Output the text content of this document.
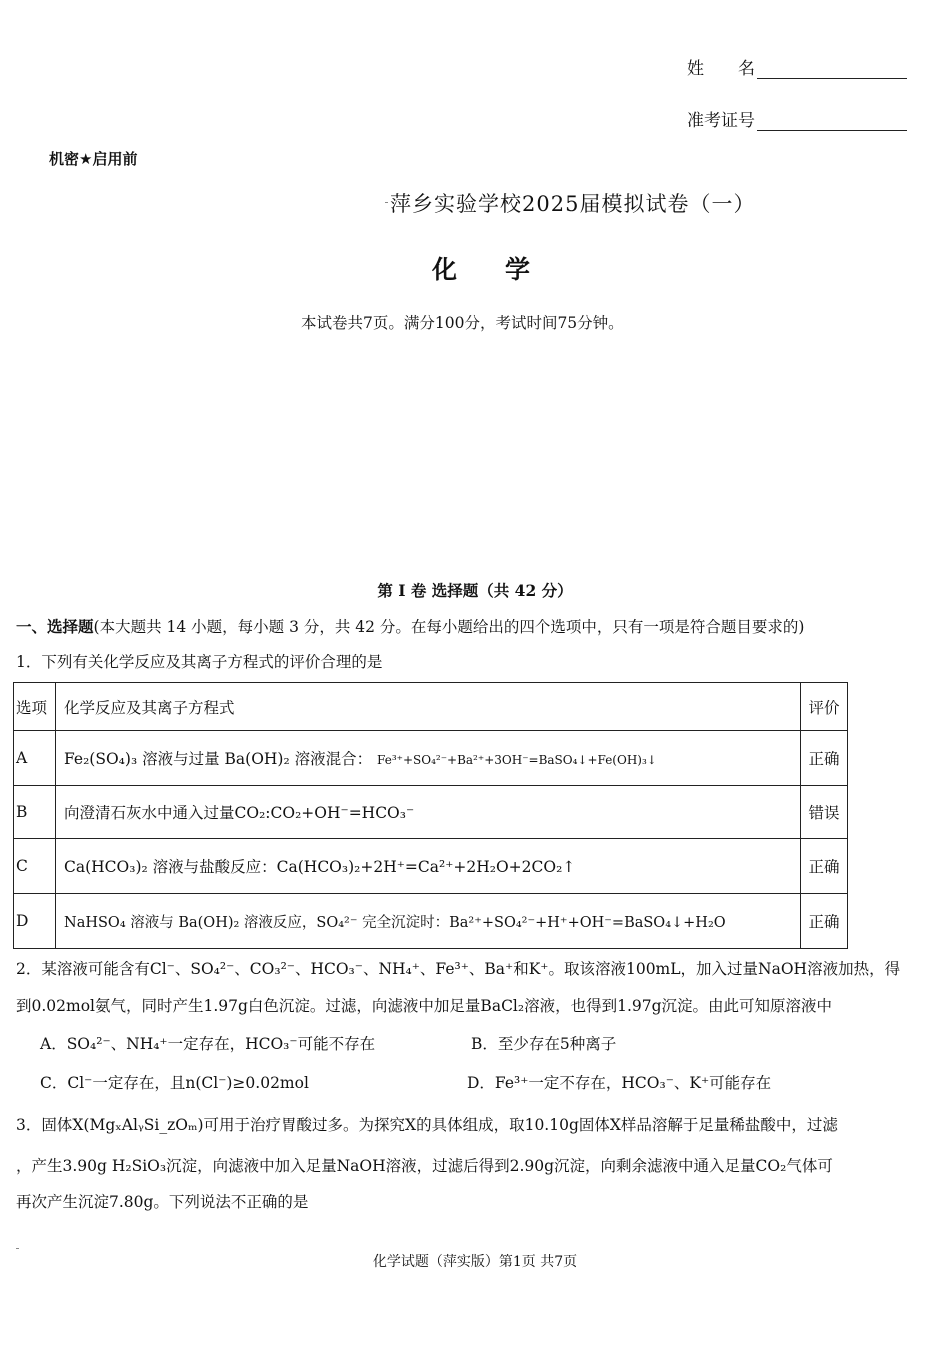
姓　　名
准考证号
机密★启用前
萍乡实验学校2025届模拟试卷（一）
化学
本试卷共7页。满分100分，考试时间75分钟。
第 I 卷 选择题（共 42 分）
一、选择题(本大题共 14 小题，每小题 3 分，共 42 分。在每小题给出的四个选项中，只有一项是符合题目要求的)
1．下列有关化学反应及其离子方程式的评价合理的是
选项	化学反应及其离子方程式	评价
A	Fe₂(SO₄)₃ 溶液与过量 Ba(OH)₂ 溶液混合： Fe³⁺+SO₄²⁻+Ba²⁺+3OH⁻=BaSO₄↓+Fe(OH)₃↓	正确
B	向澄清石灰水中通入过量CO₂:CO₂+OH⁻=HCO₃⁻	错误
C	Ca(HCO₃)₂ 溶液与盐酸反应：Ca(HCO₃)₂+2H⁺=Ca²⁺+2H₂O+2CO₂↑	正确
D	NaHSO₄ 溶液与 Ba(OH)₂ 溶液反应，SO₄²⁻ 完全沉淀时：Ba²⁺+SO₄²⁻+H⁺+OH⁻=BaSO₄↓+H₂O	正确
2．某溶液可能含有Cl⁻、SO₄²⁻、CO₃²⁻、HCO₃⁻、NH₄⁺、Fe³⁺、Ba⁺和K⁺。取该溶液100mL，加入过量NaOH溶液加热，得
到0.02mol氨气，同时产生1.97g白色沉淀。过滤，向滤液中加足量BaCl₂溶液，也得到1.97g沉淀。由此可知原溶液中
A．SO₄²⁻、NH₄⁺一定存在，HCO₃⁻可能不存在	B．至少存在5种离子
C．Cl⁻一定存在，且n(Cl⁻)≥0.02mol	D．Fe³⁺一定不存在，HCO₃⁻、K⁺可能存在
3．固体X(MgₓAlᵧSi_zOₘ)可用于治疗胃酸过多。为探究X的具体组成，取10.10g固体X样品溶解于足量稀盐酸中，过滤
，产生3.90g H₂SiO₃沉淀，向滤液中加入足量NaOH溶液，过滤后得到2.90g沉淀，向剩余滤液中通入足量CO₂气体可
再次产生沉淀7.80g。下列说法不正确的是
化学试题（萍实版）第1页 共7页
